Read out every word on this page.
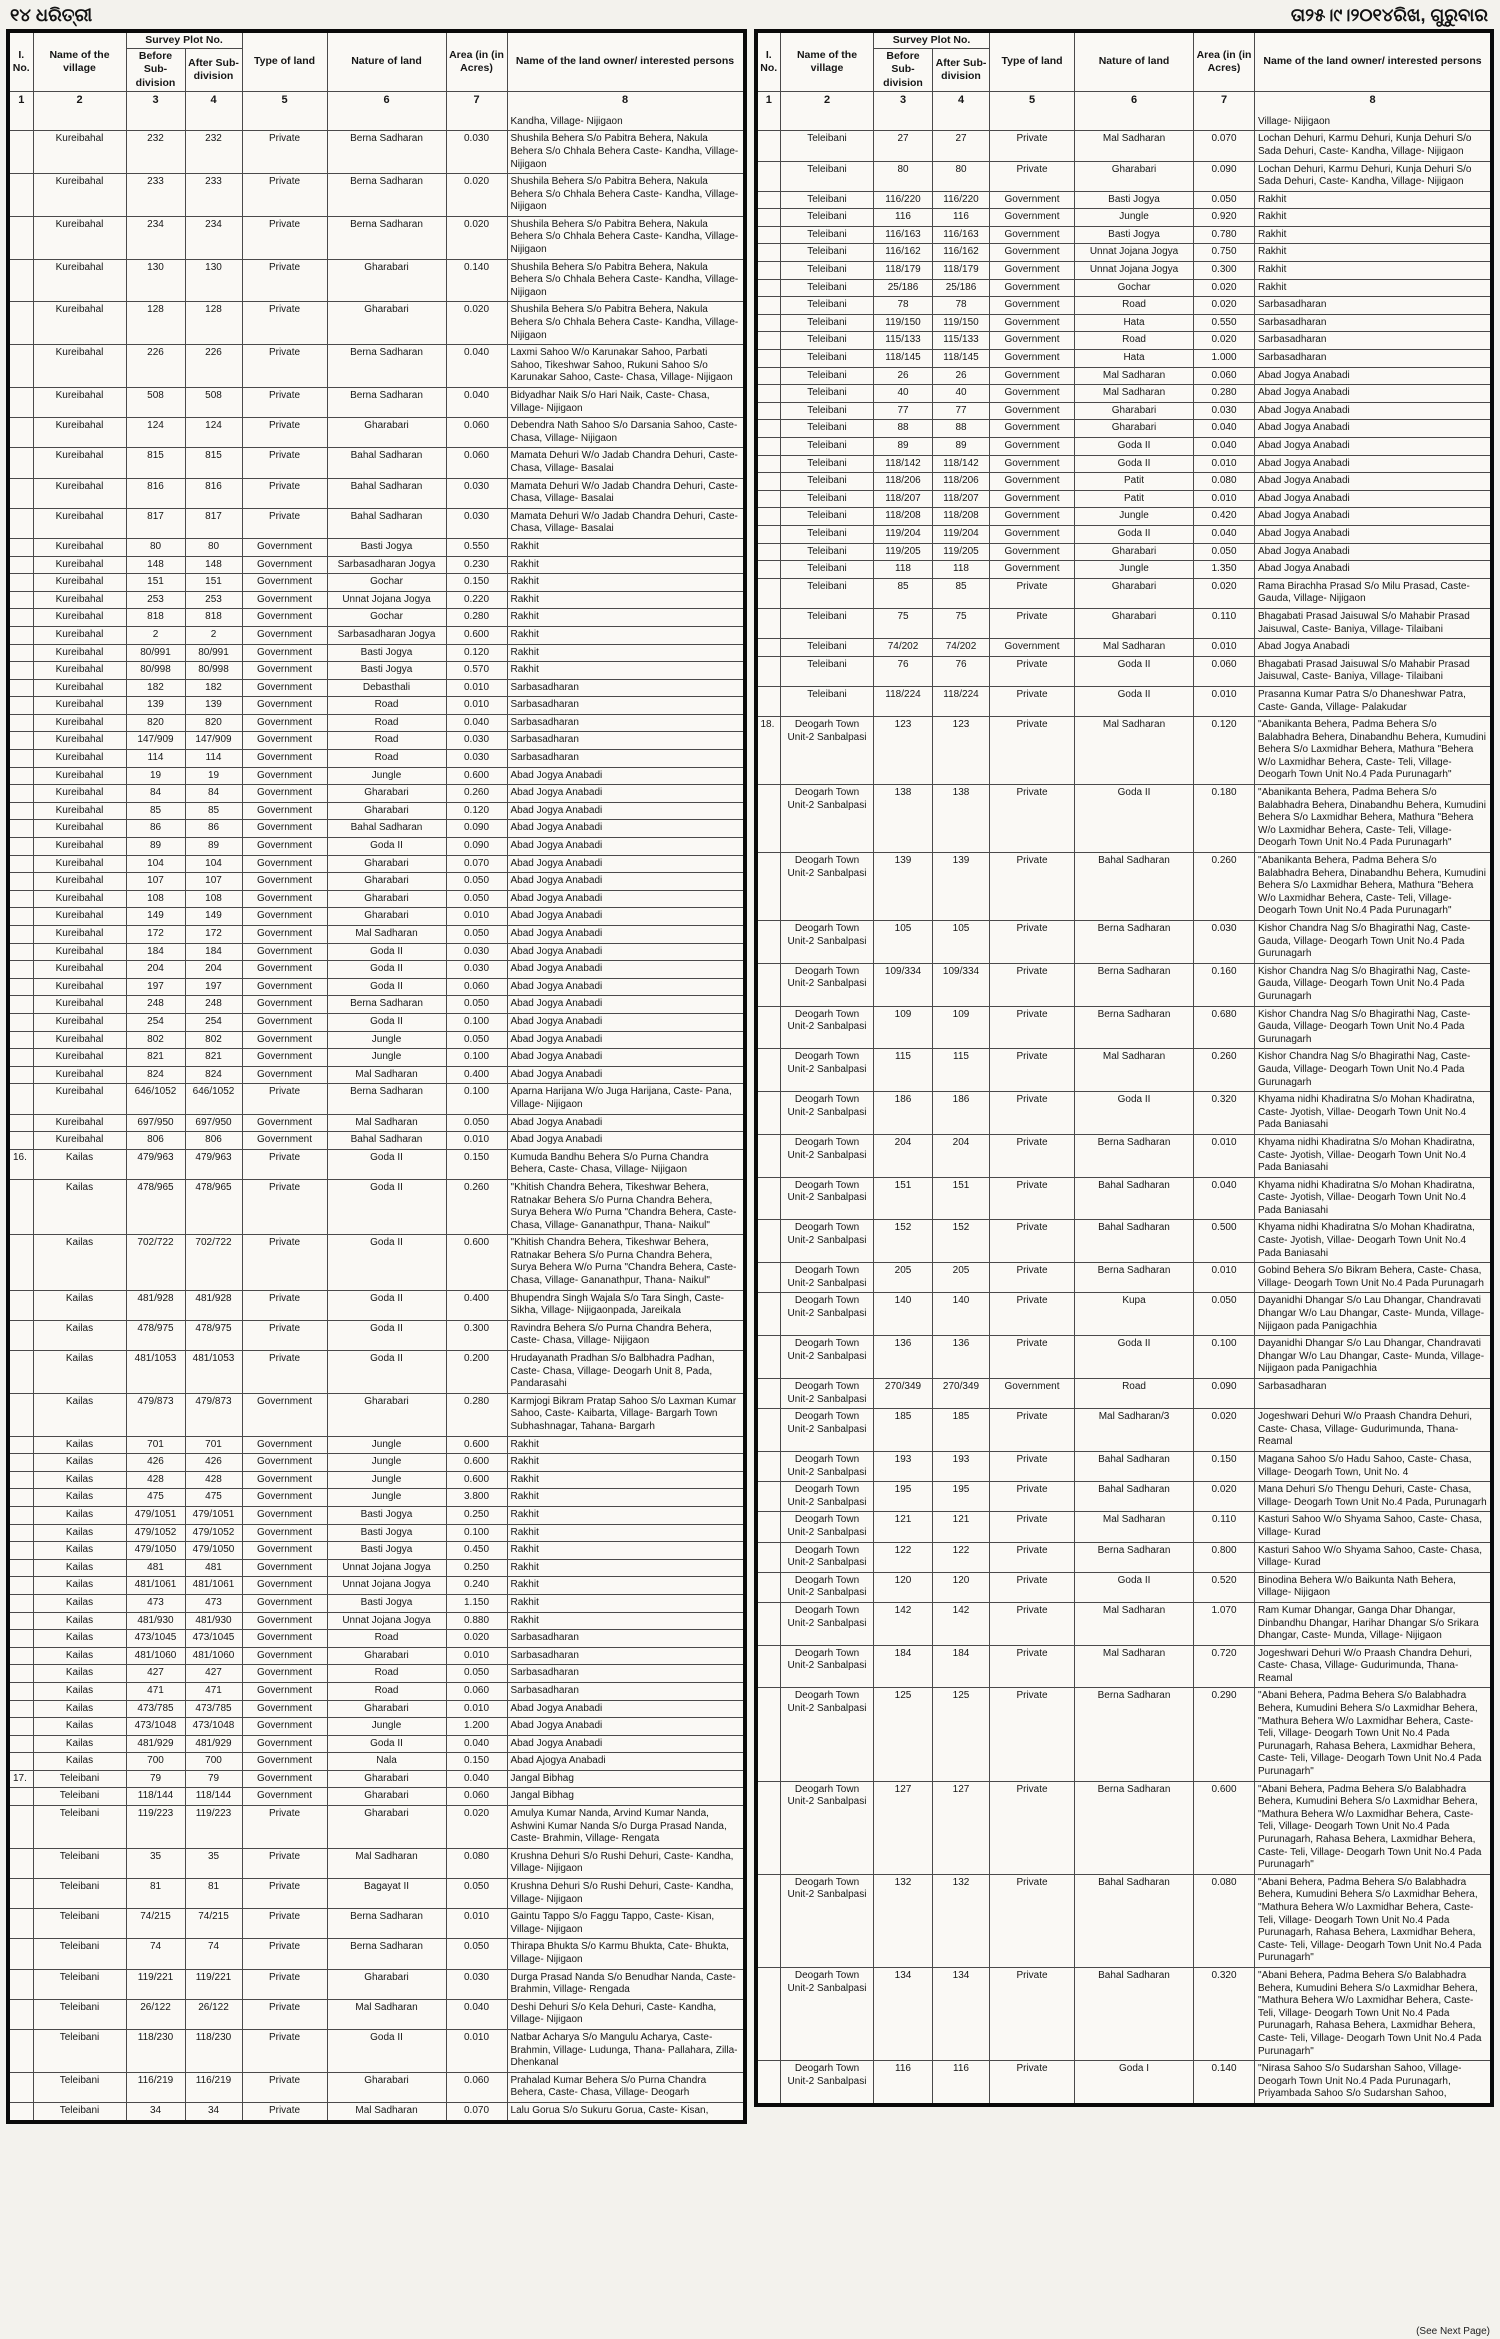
୧୪ ଧରିତ୍ରୀ	ତା୨୫।୯।୨୦୧୪ରିଖ, ଗୁରୁବାର
I. No.	Name of the village	Survey Plot No.		Type of land	Nature of land	Area (in (in Acres)	Name of the land owner/ interested persons
		Before Sub- division	After Sub- division				
1	2	3	4	5	6	7	8
Kandha, Village- Nijigaon

	Kureibahal	232	232	Private	Berna Sadharan	0.030	Shushila Behera S/o Pabitra Behera, Nakula Behera S/o Chhala Behera Caste- Kandha, Village- Nijigaon
	Kureibahal	233	233	Private	Berna Sadharan	0.020	Shushila Behera S/o Pabitra Behera, Nakula Behera S/o Chhala Behera Caste- Kandha, Village- Nijigaon
	Kureibahal	234	234	Private	Berna Sadharan	0.020	Shushila Behera S/o Pabitra Behera, Nakula Behera S/o Chhala Behera Caste- Kandha, Village- Nijigaon
	Kureibahal	130	130	Private	Gharabari	0.140	Shushila Behera S/o Pabitra Behera, Nakula Behera S/o Chhala Behera Caste- Kandha, Village- Nijigaon
	Kureibahal	128	128	Private	Gharabari	0.020	Shushila Behera S/o Pabitra Behera, Nakula Behera S/o Chhala Behera Caste- Kandha, Village- Nijigaon
	Kureibahal	226	226	Private	Berna Sadharan	0.040	Laxmi Sahoo W/o Karunakar Sahoo, Parbati Sahoo, Tikeshwar Sahoo, Rukuni Sahoo S/o Karunakar Sahoo, Caste- Chasa, Village- Nijigaon
	Kureibahal	508	508	Private	Berna Sadharan	0.040	Bidyadhar Naik S/o Hari Naik, Caste- Chasa, Village- Nijigaon
	Kureibahal	124	124	Private	Gharabari	0.060	Debendra Nath Sahoo S/o Darsania Sahoo, Caste- Chasa, Village- Nijigaon
	Kureibahal	815	815	Private	Bahal Sadharan	0.060	Mamata Dehuri W/o Jadab Chandra Dehuri, Caste- Chasa, Village- Basalai
	Kureibahal	816	816	Private	Bahal Sadharan	0.030	Mamata Dehuri W/o Jadab Chandra Dehuri, Caste- Chasa, Village- Basalai
	Kureibahal	817	817	Private	Bahal Sadharan	0.030	Mamata Dehuri W/o Jadab Chandra Dehuri, Caste- Chasa, Village- Basalai
	Kureibahal	80	80	Government	Basti Jogya	0.550	Rakhit
	Kureibahal	148	148	Government	Sarbasadharan Jogya	0.230	Rakhit
	Kureibahal	151	151	Government	Gochar	0.150	Rakhit
	Kureibahal	253	253	Government	Unnat Jojana Jogya	0.220	Rakhit
	Kureibahal	818	818	Government	Gochar	0.280	Rakhit
	Kureibahal	2	2	Government	Sarbasadharan Jogya	0.600	Rakhit
	Kureibahal	80/991	80/991	Government	Basti Jogya	0.120	Rakhit
	Kureibahal	80/998	80/998	Government	Basti Jogya	0.570	Rakhit
	Kureibahal	182	182	Government	Debasthali	0.010	Sarbasadharan
	Kureibahal	139	139	Government	Road	0.010	Sarbasadharan
	Kureibahal	820	820	Government	Road	0.040	Sarbasadharan
	Kureibahal	147/909	147/909	Government	Road	0.030	Sarbasadharan
	Kureibahal	114	114	Government	Road	0.030	Sarbasadharan
	Kureibahal	19	19	Government	Jungle	0.600	Abad Jogya Anabadi
	Kureibahal	84	84	Government	Gharabari	0.260	Abad Jogya Anabadi
	Kureibahal	85	85	Government	Gharabari	0.120	Abad Jogya Anabadi
	Kureibahal	86	86	Government	Bahal Sadharan	0.090	Abad Jogya Anabadi
	Kureibahal	89	89	Government	Goda II	0.090	Abad Jogya Anabadi
	Kureibahal	104	104	Government	Gharabari	0.070	Abad Jogya Anabadi
	Kureibahal	107	107	Government	Gharabari	0.050	Abad Jogya Anabadi
	Kureibahal	108	108	Government	Gharabari	0.050	Abad Jogya Anabadi
	Kureibahal	149	149	Government	Gharabari	0.010	Abad Jogya Anabadi
	Kureibahal	172	172	Government	Mal Sadharan	0.050	Abad Jogya Anabadi
	Kureibahal	184	184	Government	Goda II	0.030	Abad Jogya Anabadi
	Kureibahal	204	204	Government	Goda II	0.030	Abad Jogya Anabadi
	Kureibahal	197	197	Government	Goda II	0.060	Abad Jogya Anabadi
	Kureibahal	248	248	Government	Berna Sadharan	0.050	Abad Jogya Anabadi
	Kureibahal	254	254	Government	Goda II	0.100	Abad Jogya Anabadi
	Kureibahal	802	802	Government	Jungle	0.050	Abad Jogya Anabadi
	Kureibahal	821	821	Government	Jungle	0.100	Abad Jogya Anabadi
	Kureibahal	824	824	Government	Mal Sadharan	0.400	Abad Jogya Anabadi
	Kureibahal	646/1052	646/1052	Private	Berna Sadharan	0.100	Aparna Harijana W/o Juga Harijana, Caste- Pana, Village- Nijigaon
	Kureibahal	697/950	697/950	Government	Mal Sadharan	0.050	Abad Jogya Anabadi
	Kureibahal	806	806	Government	Bahal Sadharan	0.010	Abad Jogya Anabadi
16.	Kailas	479/963	479/963	Private	Goda II	0.150	Kumuda Bandhu Behera S/o Purna Chandra Behera, Caste- Chasa, Village- Nijigaon
	Kailas	478/965	478/965	Private	Goda II	0.260	"Khitish Chandra Behera, Tikeshwar Behera, Ratnakar Behera S/o Purna Chandra Behera, Surya Behera W/o Purna "Chandra Behera, Caste- Chasa, Village- Gananathpur, Thana- Naikul"
	Kailas	702/722	702/722	Private	Goda II	0.600	"Khitish Chandra Behera, Tikeshwar Behera, Ratnakar Behera S/o Purna Chandra Behera, Surya Behera W/o Purna "Chandra Behera, Caste- Chasa, Village- Gananathpur, Thana- Naikul"
	Kailas	481/928	481/928	Private	Goda II	0.400	Bhupendra Singh Wajala S/o Tara Singh, Caste- Sikha, Village- Nijigaonpada, Jareikala
	Kailas	478/975	478/975	Private	Goda II	0.300	Ravindra Behera S/o Purna Chandra Behera, Caste- Chasa, Village- Nijigaon
	Kailas	481/1053	481/1053	Private	Goda II	0.200	Hrudayanath Pradhan S/o Balbhadra Padhan, Caste- Chasa, Village- Deogarh Unit 8, Pada, Pandarasahi
	Kailas	479/873	479/873	Government	Gharabari	0.280	Karmjogi Bikram Pratap Sahoo S/o Laxman Kumar Sahoo, Caste- Kaibarta, Village- Bargarh Town Subhashnagar, Tahana- Bargarh
	Kailas	701	701	Government	Jungle	0.600	Rakhit
	Kailas	426	426	Government	Jungle	0.600	Rakhit
	Kailas	428	428	Government	Jungle	0.600	Rakhit
	Kailas	475	475	Government	Jungle	3.800	Rakhit
	Kailas	479/1051	479/1051	Government	Basti Jogya	0.250	Rakhit
	Kailas	479/1052	479/1052	Government	Basti Jogya	0.100	Rakhit
	Kailas	479/1050	479/1050	Government	Basti Jogya	0.450	Rakhit
	Kailas	481	481	Government	Unnat Jojana Jogya	0.250	Rakhit
	Kailas	481/1061	481/1061	Government	Unnat Jojana Jogya	0.240	Rakhit
	Kailas	473	473	Government	Basti Jogya	1.150	Rakhit
	Kailas	481/930	481/930	Government	Unnat Jojana Jogya	0.880	Rakhit
	Kailas	473/1045	473/1045	Government	Road	0.020	Sarbasadharan
	Kailas	481/1060	481/1060	Government	Gharabari	0.010	Sarbasadharan
	Kailas	427	427	Government	Road	0.050	Sarbasadharan
	Kailas	471	471	Government	Road	0.060	Sarbasadharan
	Kailas	473/785	473/785	Government	Gharabari	0.010	Abad Jogya Anabadi
	Kailas	473/1048	473/1048	Government	Jungle	1.200	Abad Jogya Anabadi
	Kailas	481/929	481/929	Government	Goda II	0.040	Abad Jogya Anabadi
	Kailas	700	700	Government	Nala	0.150	Abad Ajogya Anabadi
17.	Teleibani	79	79	Government	Gharabari	0.040	Jangal Bibhag
	Teleibani	118/144	118/144	Government	Gharabari	0.060	Jangal Bibhag
	Teleibani	119/223	119/223	Private	Gharabari	0.020	Amulya Kumar Nanda, Arvind Kumar Nanda, Ashwini Kumar Nanda S/o Durga Prasad Nanda, Caste- Brahmin, Village- Rengata
	Teleibani	35	35	Private	Mal Sadharan	0.080	Krushna Dehuri S/o Rushi Dehuri, Caste- Kandha, Village- Nijigaon
	Teleibani	81	81	Private	Bagayat II	0.050	Krushna Dehuri S/o Rushi Dehuri, Caste- Kandha, Village- Nijigaon
	Teleibani	74/215	74/215	Private	Berna Sadharan	0.010	Gaintu Tappo S/o Faggu Tappo, Caste- Kisan, Village- Nijigaon
	Teleibani	74	74	Private	Berna Sadharan	0.050	Thirapa Bhukta S/o Karmu Bhukta, Cate- Bhukta, Village- Nijigaon
	Teleibani	119/221	119/221	Private	Gharabari	0.030	Durga Prasad Nanda S/o Benudhar Nanda, Caste- Brahmin, Village- Rengada
	Teleibani	26/122	26/122	Private	Mal Sadharan	0.040	Deshi Dehuri S/o Kela Dehuri, Caste- Kandha, Village- Nijigaon
	Teleibani	118/230	118/230	Private	Goda II	0.010	Natbar Acharya S/o Mangulu Acharya, Caste- Brahmin, Village- Ludunga, Thana- Pallahara, Zilla- Dhenkanal
	Teleibani	116/219	116/219	Private	Gharabari	0.060	Prahalad Kumar Behera S/o Purna Chandra Behera, Caste- Chasa, Village- Deogarh
	Teleibani	34	34	Private	Mal Sadharan	0.070	Lalu Gorua S/o Sukuru Gorua, Caste- Kisan,
I. No.	Name of the village	Survey Plot No.		Type of land	Nature of land	Area (in (in Acres)	Name of the land owner/ interested persons
		Before Sub- division	After Sub- division				
1	2	3	4	5	6	7	8
Village- Nijigaon

	Teleibani	27	27	Private	Mal Sadharan	0.070	Lochan Dehuri, Karmu Dehuri, Kunja Dehuri S/o Sada Dehuri, Caste- Kandha, Village- Nijigaon
	Teleibani	80	80	Private	Gharabari	0.090	Lochan Dehuri, Karmu Dehuri, Kunja Dehuri S/o Sada Dehuri, Caste- Kandha, Village- Nijigaon
	Teleibani	116/220	116/220	Government	Basti Jogya	0.050	Rakhit
	Teleibani	116	116	Government	Jungle	0.920	Rakhit
	Teleibani	116/163	116/163	Government	Basti Jogya	0.780	Rakhit
	Teleibani	116/162	116/162	Government	Unnat Jojana Jogya	0.750	Rakhit
	Teleibani	118/179	118/179	Government	Unnat Jojana Jogya	0.300	Rakhit
	Teleibani	25/186	25/186	Government	Gochar	0.020	Rakhit
	Teleibani	78	78	Government	Road	0.020	Sarbasadharan
	Teleibani	119/150	119/150	Government	Hata	0.550	Sarbasadharan
	Teleibani	115/133	115/133	Government	Road	0.020	Sarbasadharan
	Teleibani	118/145	118/145	Government	Hata	1.000	Sarbasadharan
	Teleibani	26	26	Government	Mal Sadharan	0.060	Abad Jogya Anabadi
	Teleibani	40	40	Government	Mal Sadharan	0.280	Abad Jogya Anabadi
	Teleibani	77	77	Government	Gharabari	0.030	Abad Jogya Anabadi
	Teleibani	88	88	Government	Gharabari	0.040	Abad Jogya Anabadi
	Teleibani	89	89	Government	Goda II	0.040	Abad Jogya Anabadi
	Teleibani	118/142	118/142	Government	Goda II	0.010	Abad Jogya Anabadi
	Teleibani	118/206	118/206	Government	Patit	0.080	Abad Jogya Anabadi
	Teleibani	118/207	118/207	Government	Patit	0.010	Abad Jogya Anabadi
	Teleibani	118/208	118/208	Government	Jungle	0.420	Abad Jogya Anabadi
	Teleibani	119/204	119/204	Government	Goda II	0.040	Abad Jogya Anabadi
	Teleibani	119/205	119/205	Government	Gharabari	0.050	Abad Jogya Anabadi
	Teleibani	118	118	Government	Jungle	1.350	Abad Jogya Anabadi
	Teleibani	85	85	Private	Gharabari	0.020	Rama Birachha Prasad S/o Milu Prasad, Caste- Gauda, Village- Nijigaon
	Teleibani	75	75	Private	Gharabari	0.110	Bhagabati Prasad Jaisuwal S/o Mahabir Prasad Jaisuwal, Caste- Baniya, Village- Tilaibani
	Teleibani	74/202	74/202	Government	Mal Sadharan	0.010	Abad Jogya Anabadi
	Teleibani	76	76	Private	Goda II	0.060	Bhagabati Prasad Jaisuwal S/o Mahabir Prasad Jaisuwal, Caste- Baniya, Village- Tilaibani
	Teleibani	118/224	118/224	Private	Goda II	0.010	Prasanna Kumar Patra S/o Dhaneshwar Patra, Caste- Ganda, Village- Palakudar
18.	Deogarh Town Unit-2 Sanbalpasi	123	123	Private	Mal Sadharan	0.120	"Abanikanta Behera, Padma Behera S/o Balabhadra Behera, Dinabandhu Behera, Kumudini Behera S/o Laxmidhar Behera, Mathura "Behera W/o Laxmidhar Behera, Caste- Teli, Village- Deogarh Town Unit No.4 Pada Purunagarh"
	Deogarh Town Unit-2 Sanbalpasi	138	138	Private	Goda II	0.180	"Abanikanta Behera, Padma Behera S/o Balabhadra Behera, Dinabandhu Behera, Kumudini Behera S/o Laxmidhar Behera, Mathura "Behera W/o Laxmidhar Behera, Caste- Teli, Village- Deogarh Town Unit No.4 Pada Purunagarh"
	Deogarh Town Unit-2 Sanbalpasi	139	139	Private	Bahal Sadharan	0.260	"Abanikanta Behera, Padma Behera S/o Balabhadra Behera, Dinabandhu Behera, Kumudini Behera S/o Laxmidhar Behera, Mathura "Behera W/o Laxmidhar Behera, Caste- Teli, Village- Deogarh Town Unit No.4 Pada Purunagarh"
	Deogarh Town Unit-2 Sanbalpasi	105	105	Private	Berna Sadharan	0.030	Kishor Chandra Nag S/o Bhagirathi Nag, Caste- Gauda, Village- Deogarh Town Unit No.4 Pada Gurunagarh
	Deogarh Town Unit-2 Sanbalpasi	109/334	109/334	Private	Berna Sadharan	0.160	Kishor Chandra Nag S/o Bhagirathi Nag, Caste- Gauda, Village- Deogarh Town Unit No.4 Pada Gurunagarh
	Deogarh Town Unit-2 Sanbalpasi	109	109	Private	Berna Sadharan	0.680	Kishor Chandra Nag S/o Bhagirathi Nag, Caste- Gauda, Village- Deogarh Town Unit No.4 Pada Gurunagarh
	Deogarh Town Unit-2 Sanbalpasi	115	115	Private	Mal Sadharan	0.260	Kishor Chandra Nag S/o Bhagirathi Nag, Caste- Gauda, Village- Deogarh Town Unit No.4 Pada Gurunagarh
	Deogarh Town Unit-2 Sanbalpasi	186	186	Private	Goda II	0.320	Khyama nidhi Khadiratna S/o Mohan Khadiratna, Caste- Jyotish, Villae- Deogarh Town Unit No.4 Pada Baniasahi
	Deogarh Town Unit-2 Sanbalpasi	204	204	Private	Berna Sadharan	0.010	Khyama nidhi Khadiratna S/o Mohan Khadiratna, Caste- Jyotish, Villae- Deogarh Town Unit No.4 Pada Baniasahi
	Deogarh Town Unit-2 Sanbalpasi	151	151	Private	Bahal Sadharan	0.040	Khyama nidhi Khadiratna S/o Mohan Khadiratna, Caste- Jyotish, Villae- Deogarh Town Unit No.4 Pada Baniasahi
	Deogarh Town Unit-2 Sanbalpasi	152	152	Private	Bahal Sadharan	0.500	Khyama nidhi Khadiratna S/o Mohan Khadiratna, Caste- Jyotish, Villae- Deogarh Town Unit No.4 Pada Baniasahi
	Deogarh Town Unit-2 Sanbalpasi	205	205	Private	Berna Sadharan	0.010	Gobind Behera S/o Bikram Behera, Caste- Chasa, Village- Deogarh Town Unit No.4 Pada Purunagarh
	Deogarh Town Unit-2 Sanbalpasi	140	140	Private	Kupa	0.050	Dayanidhi Dhangar S/o Lau Dhangar, Chandravati Dhangar W/o Lau Dhangar, Caste- Munda, Village- Nijigaon pada Panigachhia
	Deogarh Town Unit-2 Sanbalpasi	136	136	Private	Goda II	0.100	Dayanidhi Dhangar S/o Lau Dhangar, Chandravati Dhangar W/o Lau Dhangar, Caste- Munda, Village- Nijigaon pada Panigachhia
	Deogarh Town Unit-2 Sanbalpasi	270/349	270/349	Government	Road	0.090	Sarbasadharan
	Deogarh Town Unit-2 Sanbalpasi	185	185	Private	Mal Sadharan/3	0.020	Jogeshwari Dehuri W/o Praash Chandra Dehuri, Caste- Chasa, Village- Gudurimunda, Thana- Reamal
	Deogarh Town Unit-2 Sanbalpasi	193	193	Private	Bahal Sadharan	0.150	Magana Sahoo S/o Hadu Sahoo, Caste- Chasa, Village- Deogarh Town, Unit No. 4
	Deogarh Town Unit-2 Sanbalpasi	195	195	Private	Bahal Sadharan	0.020	Mana Dehuri S/o Thengu Dehuri, Caste- Chasa, Village- Deogarh Town Unit No.4 Pada, Purunagarh
	Deogarh Town Unit-2 Sanbalpasi	121	121	Private	Mal Sadharan	0.110	Kasturi Sahoo W/o Shyama Sahoo, Caste- Chasa, Village- Kurad
	Deogarh Town Unit-2 Sanbalpasi	122	122	Private	Berna Sadharan	0.800	Kasturi Sahoo W/o Shyama Sahoo, Caste- Chasa, Village- Kurad
	Deogarh Town Unit-2 Sanbalpasi	120	120	Private	Goda II	0.520	Binodina Behera W/o Baikunta Nath Behera, Village- Nijigaon
	Deogarh Town Unit-2 Sanbalpasi	142	142	Private	Mal Sadharan	1.070	Ram Kumar Dhangar, Ganga Dhar Dhangar, Dinbandhu Dhangar, Harihar Dhangar S/o Srikara Dhangar, Caste- Munda, Village- Nijigaon
	Deogarh Town Unit-2 Sanbalpasi	184	184	Private	Mal Sadharan	0.720	Jogeshwari Dehuri W/o Praash Chandra Dehuri, Caste- Chasa, Village- Gudurimunda, Thana- Reamal
	Deogarh Town Unit-2 Sanbalpasi	125	125	Private	Berna Sadharan	0.290	"Abani Behera, Padma Behera S/o Balabhadra Behera, Kumudini Behera S/o Laxmidhar Behera, "Mathura Behera W/o Laxmidhar Behera, Caste- Teli, Village- Deogarh Town Unit No.4 Pada Purunagarh, Rahasa Behera, Laxmidhar Behera, Caste- Teli, Village- Deogarh Town Unit No.4 Pada Purunagarh"
	Deogarh Town Unit-2 Sanbalpasi	127	127	Private	Berna Sadharan	0.600	"Abani Behera, Padma Behera S/o Balabhadra Behera, Kumudini Behera S/o Laxmidhar Behera, "Mathura Behera W/o Laxmidhar Behera, Caste- Teli, Village- Deogarh Town Unit No.4 Pada Purunagarh, Rahasa Behera, Laxmidhar Behera, Caste- Teli, Village- Deogarh Town Unit No.4 Pada Purunagarh"
	Deogarh Town Unit-2 Sanbalpasi	132	132	Private	Bahal Sadharan	0.080	"Abani Behera, Padma Behera S/o Balabhadra Behera, Kumudini Behera S/o Laxmidhar Behera, "Mathura Behera W/o Laxmidhar Behera, Caste- Teli, Village- Deogarh Town Unit No.4 Pada Purunagarh, Rahasa Behera, Laxmidhar Behera, Caste- Teli, Village- Deogarh Town Unit No.4 Pada Purunagarh"
	Deogarh Town Unit-2 Sanbalpasi	134	134	Private	Bahal Sadharan	0.320	"Abani Behera, Padma Behera S/o Balabhadra Behera, Kumudini Behera S/o Laxmidhar Behera, "Mathura Behera W/o Laxmidhar Behera, Caste- Teli, Village- Deogarh Town Unit No.4 Pada Purunagarh, Rahasa Behera, Laxmidhar Behera, Caste- Teli, Village- Deogarh Town Unit No.4 Pada Purunagarh"
	Deogarh Town Unit-2 Sanbalpasi	116	116	Private	Goda I	0.140	"Nirasa Sahoo S/o Sudarshan Sahoo, Village- Deogarh Town Unit No.4 Pada Purunagarh, Priyambada Sahoo S/o Sudarshan Sahoo,
(See Next Page)
